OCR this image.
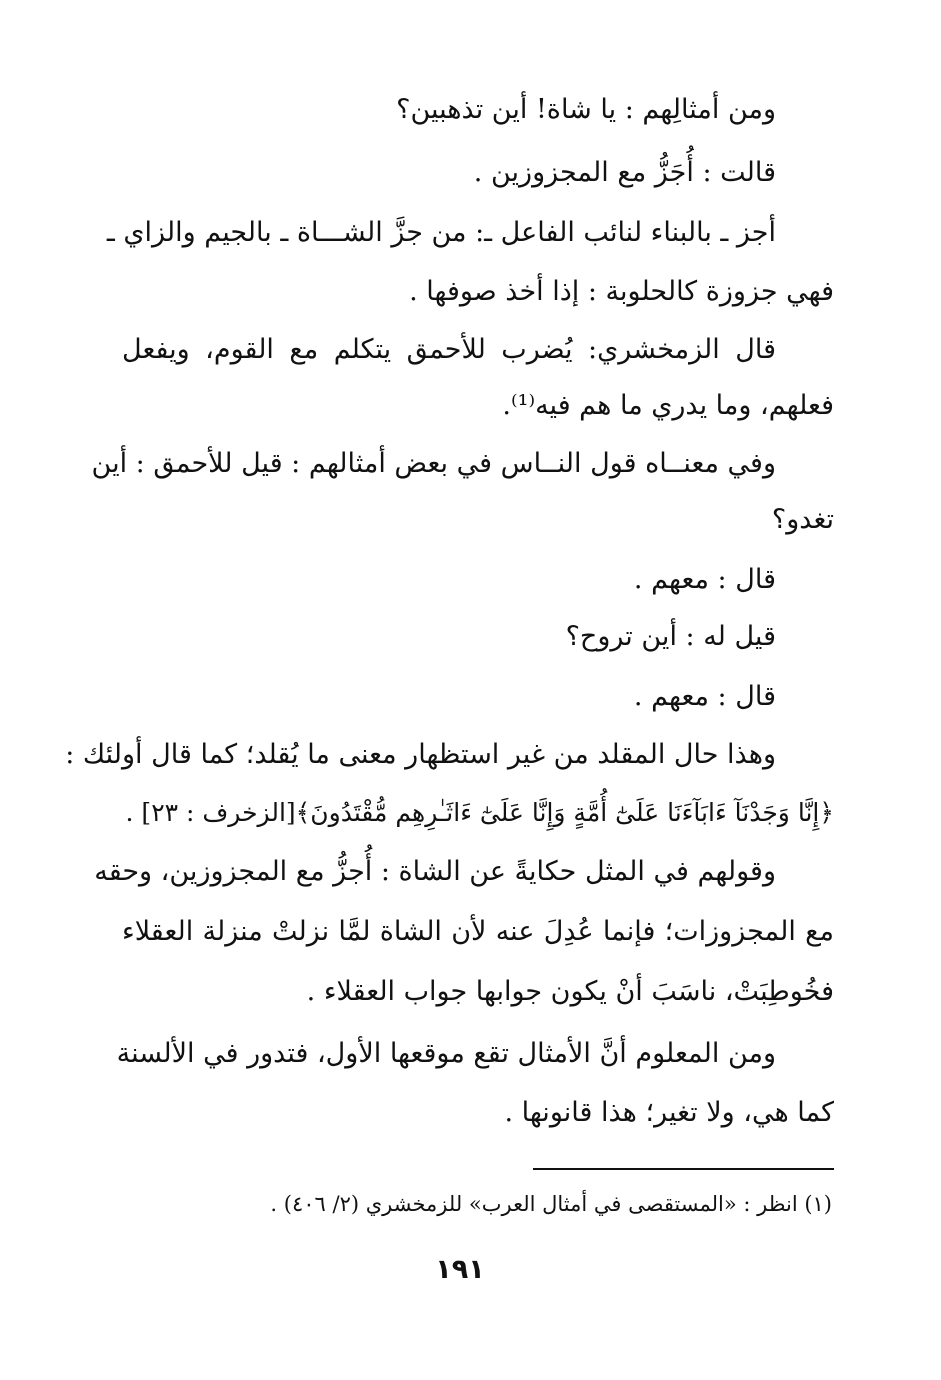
ومن أمثالِهم : يا شاة! أين تذهبين؟
قالت : أُجَزُّ مع المجزوزين .
أجز ـ بالبناء لنائب الفاعل ـ: من جزَّ الشـــاة ـ بالجيم والزاي ـ
فهي جزوزة كالحلوبة : إذا أخذ صوفها .
قال الزمخشري: يُضرب للأحمق يتكلم مع القوم، ويفعل
فعلهم، وما يدري ما هم فيه⁽¹⁾.
وفي معنــاه قول النــاس في بعض أمثالهم : قيل للأحمق : أين
تغدو؟
قال : معهم .
قيل له : أين تروح؟
قال : معهم .
وهذا حال المقلد من غير استظهار معنى ما يُقلد؛ كما قال أولئك :
﴿إِنَّا وَجَدْنَآ ءَابَآءَنَا عَلَىٰٓ أُمَّةٍ وَإِنَّا عَلَىٰٓ ءَاثَـٰرِهِم مُّقْتَدُونَ﴾[الزخرف : ٢٣] .
وقولهم في المثل حكايةً عن الشاة : أُجزُّ مع المجزوزين، وحقه
مع المجزوزات؛ فإنما عُدِلَ عنه لأن الشاة لمَّا نزلتْ منزلة العقلاء
فخُوطِبَتْ، ناسَبَ أنْ يكون جوابها جواب العقلاء .
ومن المعلوم أنَّ الأمثال تقع موقعها الأول، فتدور في الألسنة
كما هي، ولا تغير؛ هذا قانونها .
(١) انظر : «المستقصى في أمثال العرب» للزمخشري (٢/ ٤٠٦) .
١٩١
